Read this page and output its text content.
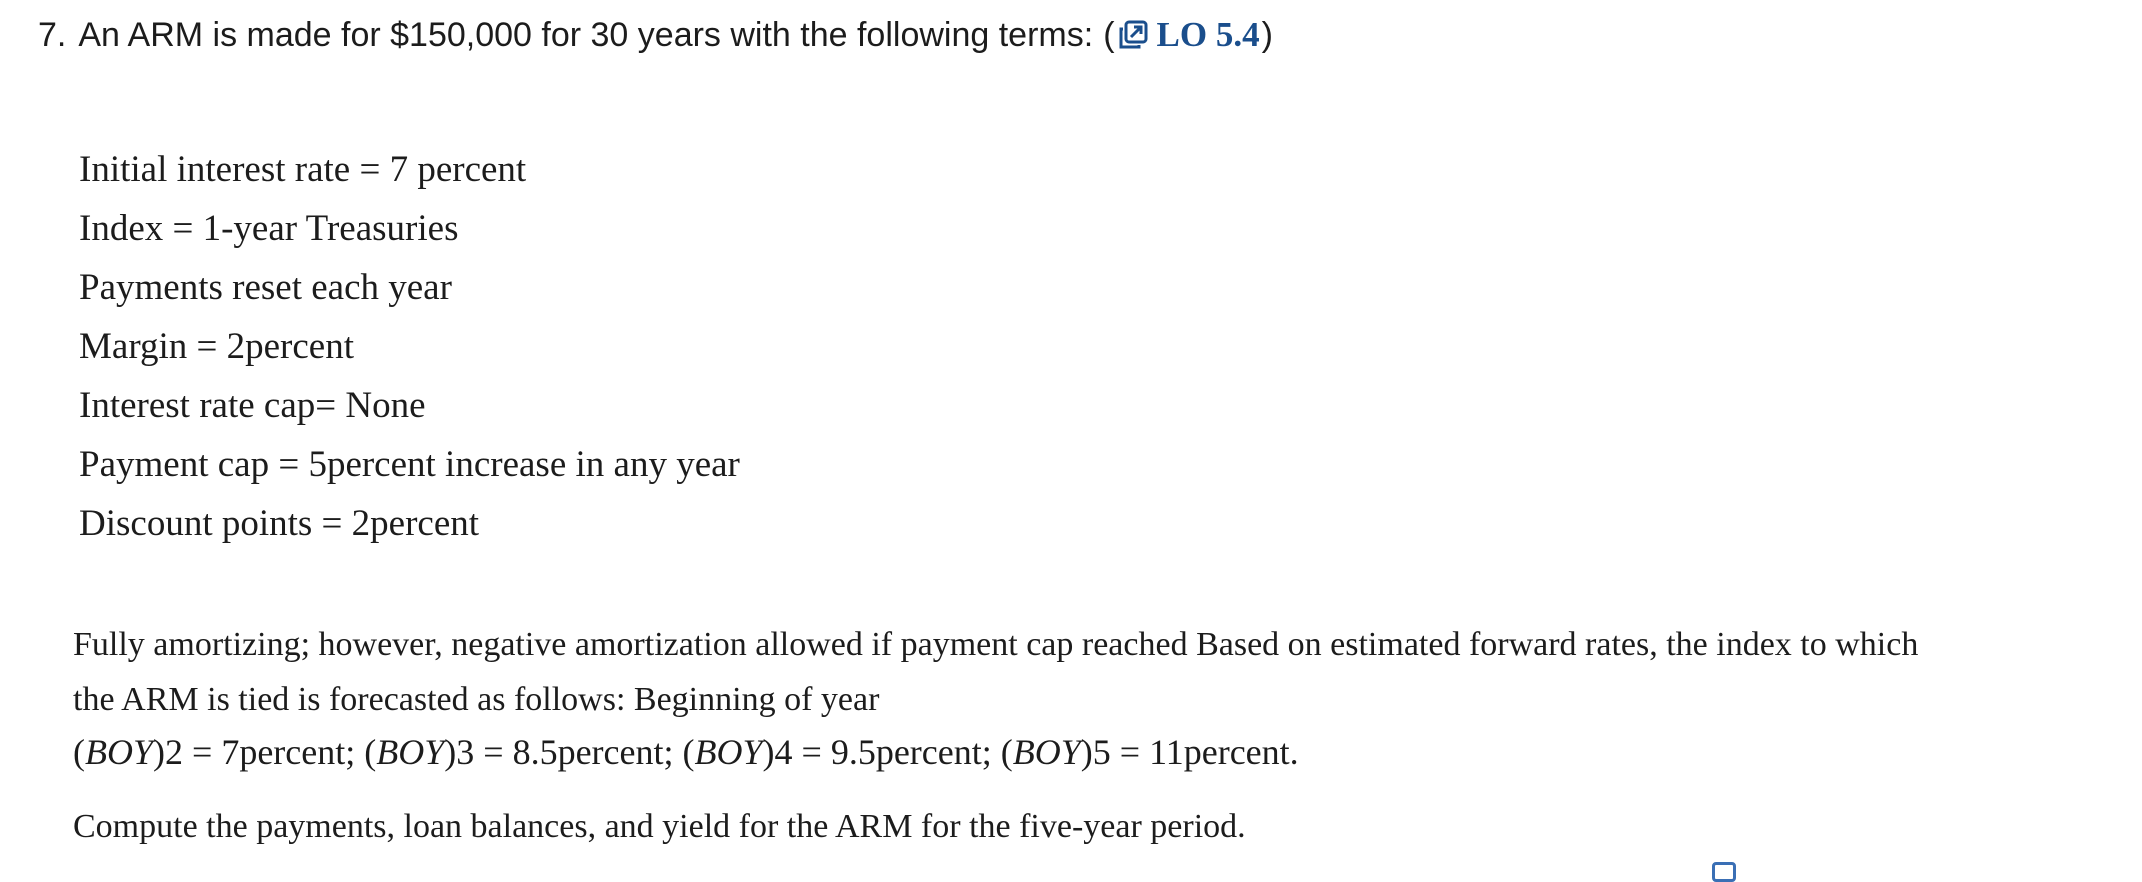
7. An ARM is made for $150,000 for 30 years with the following terms: ( LO 5.4 )
Initial interest rate = 7 percent
Index = 1-year Treasuries
Payments reset each year
Margin = 2percent
Interest rate cap= None
Payment cap = 5percent increase in any year
Discount points = 2percent
Fully amortizing; however, negative amortization allowed if payment cap reached Based on estimated forward rates, the index to which
the ARM is tied is forecasted as follows: Beginning of year
(BOY)2 = 7percent; (BOY)3 = 8.5percent; (BOY)4 = 9.5percent; (BOY)5 = 11percent.
Compute the payments, loan balances, and yield for the ARM for the five-year period.
